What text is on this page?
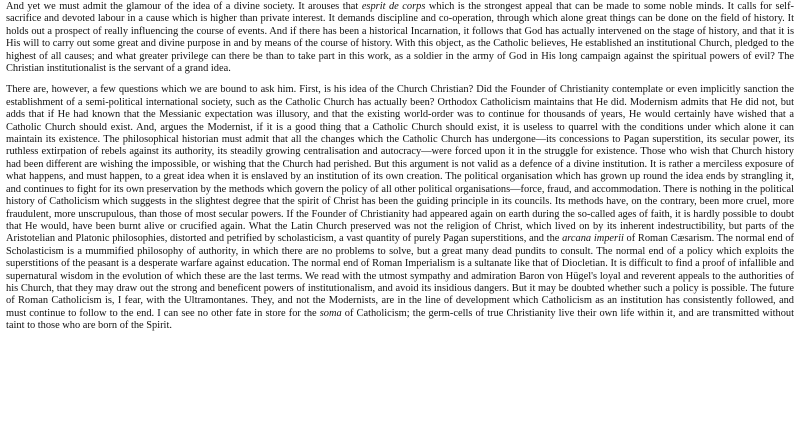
And yet we must admit the glamour of the idea of a divine society. It arouses that esprit de corps which is the strongest appeal that can be made to some noble minds. It calls for self-sacrifice and devoted labour in a cause which is higher than private interest. It demands discipline and co-operation, through which alone great things can be done on the field of history. It holds out a prospect of really influencing the course of events. And if there has been a historical Incarnation, it follows that God has actually intervened on the stage of history, and that it is His will to carry out some great and divine purpose in and by means of the course of history. With this object, as the Catholic believes, He established an institutional Church, pledged to the highest of all causes; and what greater privilege can there be than to take part in this work, as a soldier in the army of God in His long campaign against the spiritual powers of evil? The Christian institutionalist is the servant of a grand idea.

There are, however, a few questions which we are bound to ask him. First, is his idea of the Church Christian? Did the Founder of Christianity contemplate or even implicitly sanction the establishment of a semi-political international society, such as the Catholic Church has actually been? Orthodox Catholicism maintains that He did. Modernism admits that He did not, but adds that if He had known that the Messianic expectation was illusory, and that the existing world-order was to continue for thousands of years, He would certainly have wished that a Catholic Church should exist. And, argues the Modernist, if it is a good thing that a Catholic Church should exist, it is useless to quarrel with the conditions under which alone it can maintain its existence. The philosophical historian must admit that all the changes which the Catholic Church has undergone—its concessions to Pagan superstition, its secular power, its ruthless extirpation of rebels against its authority, its steadily growing centralisation and autocracy—were forced upon it in the struggle for existence. Those who wish that Church history had been different are wishing the impossible, or wishing that the Church had perished. But this argument is not valid as a defence of a divine institution. It is rather a merciless exposure of what happens, and must happen, to a great idea when it is enslaved by an institution of its own creation. The political organisation which has grown up round the idea ends by strangling it, and continues to fight for its own preservation by the methods which govern the policy of all other political organisations—force, fraud, and accommodation. There is nothing in the political history of Catholicism which suggests in the slightest degree that the spirit of Christ has been the guiding principle in its councils. Its methods have, on the contrary, been more cruel, more fraudulent, more unscrupulous, than those of most secular powers. If the Founder of Christianity had appeared again on earth during the so-called ages of faith, it is hardly possible to doubt that He would, have been burnt alive or crucified again. What the Latin Church preserved was not the religion of Christ, which lived on by its inherent indestructibility, but parts of the Aristotelian and Platonic philosophies, distorted and petrified by scholasticism, a vast quantity of purely Pagan superstitions, and the arcana imperii of Roman Cæsarism. The normal end of Scholasticism is a mummified philosophy of authority, in which there are no problems to solve, but a great many dead pundits to consult. The normal end of a policy which exploits the superstitions of the peasant is a desperate warfare against education. The normal end of Roman Imperialism is a sultanate like that of Diocletian. It is difficult to find a proof of infallible and supernatural wisdom in the evolution of which these are the last terms. We read with the utmost sympathy and admiration Baron von Hügel's loyal and reverent appeals to the authorities of his Church, that they may draw out the strong and beneficent powers of institutionalism, and avoid its insidious dangers. But it may be doubted whether such a policy is possible. The future of Roman Catholicism is, I fear, with the Ultramontanes. They, and not the Modernists, are in the line of development which Catholicism as an institution has consistently followed, and must continue to follow to the end. I can see no other fate in store for the soma of Catholicism; the germ-cells of true Christianity live their own life within it, and are transmitted without taint to those who are born of the Spirit.
